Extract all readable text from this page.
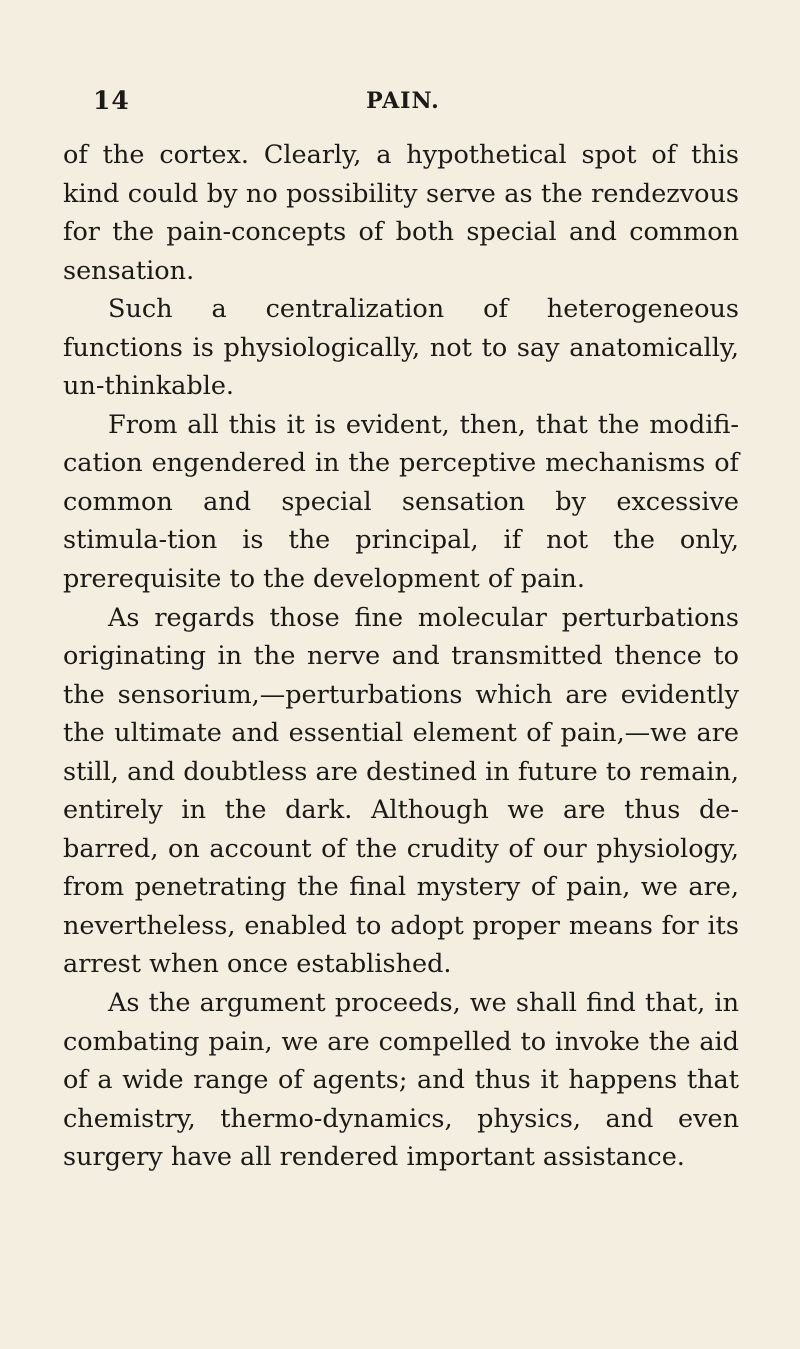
14	PAIN.

of the cortex. Clearly, a hypothetical spot of this kind could by no possibility serve as the rendezvous for the pain-concepts of both special and common sensation.

Such a centralization of heterogeneous functions is physiologically, not to say anatomically, un-thinkable.

From all this it is evident, then, that the modifi-cation engendered in the perceptive mechanisms of common and special sensation by excessive stimula-tion is the principal, if not the only, prerequisite to the development of pain.

As regards those fine molecular perturbations originating in the nerve and transmitted thence to the sensorium,—perturbations which are evidently the ultimate and essential element of pain,—we are still, and doubtless are destined in future to remain, entirely in the dark. Although we are thus de-barred, on account of the crudity of our physiology, from penetrating the final mystery of pain, we are, nevertheless, enabled to adopt proper means for its arrest when once established.

As the argument proceeds, we shall find that, in combating pain, we are compelled to invoke the aid of a wide range of agents; and thus it happens that chemistry, thermo-dynamics, physics, and even surgery have all rendered important assistance.
